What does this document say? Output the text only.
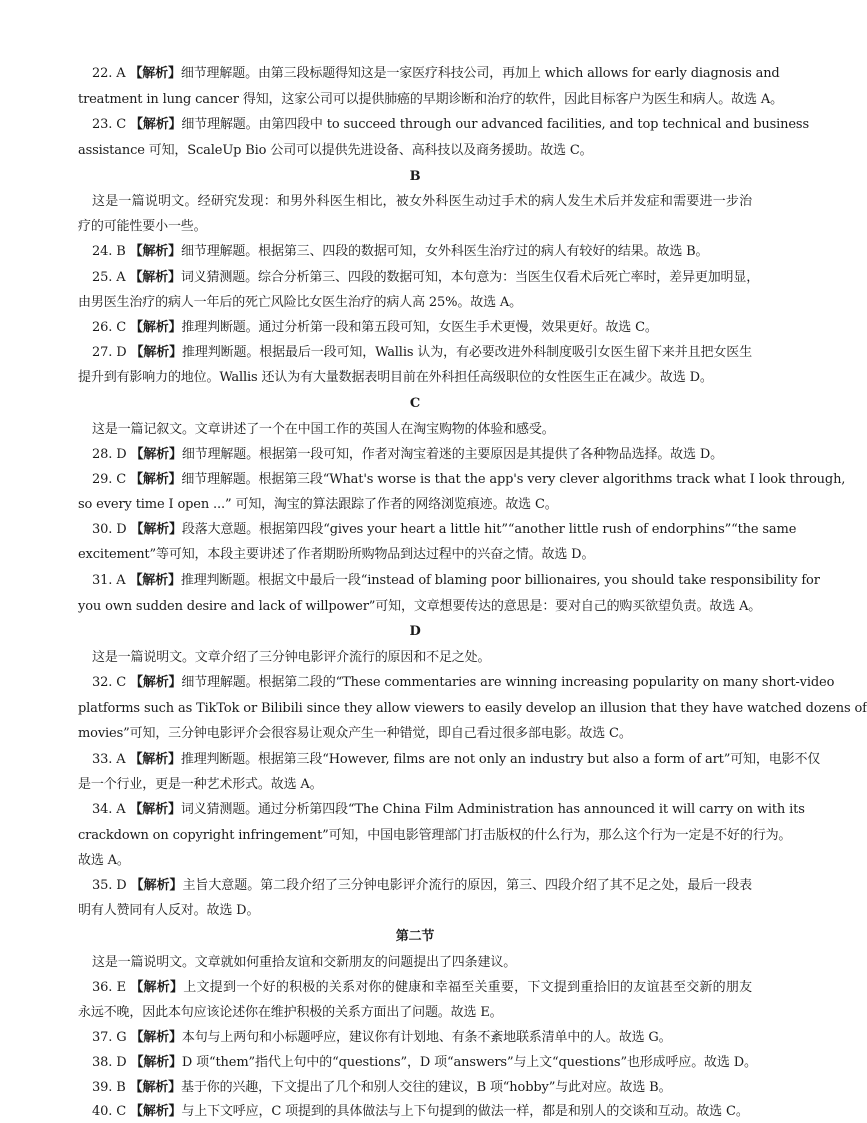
22. A 【解析】细节理解题。由第三段标题得知这是一家医疗科技公司，再加上 which allows for early diagnosis and
treatment in lung cancer 得知，这家公司可以提供肺癌的早期诊断和治疗的软件，因此目标客户为医生和病人。故选 A。
23. C 【解析】细节理解题。由第四段中 to succeed through our advanced facilities, and top technical and business
assistance 可知，ScaleUp Bio 公司可以提供先进设备、高科技以及商务援助。故选 C。
B
这是一篇说明文。经研究发现：和男外科医生相比，被女外科医生动过手术的病人发生术后并发症和需要进一步治
疗的可能性要小一些。
24. B 【解析】细节理解题。根据第三、四段的数据可知，女外科医生治疗过的病人有较好的结果。故选 B。
25. A 【解析】词义猜测题。综合分析第三、四段的数据可知，本句意为：当医生仅看术后死亡率时，差异更加明显，
由男医生治疗的病人一年后的死亡风险比女医生治疗的病人高 25%。故选 A。
26. C 【解析】推理判断题。通过分析第一段和第五段可知，女医生手术更慢，效果更好。故选 C。
27. D 【解析】推理判断题。根据最后一段可知，Wallis 认为，有必要改进外科制度吸引女医生留下来并且把女医生
提升到有影响力的地位。Wallis 还认为有大量数据表明目前在外科担任高级职位的女性医生正在减少。故选 D。
C
这是一篇记叙文。文章讲述了一个在中国工作的英国人在淘宝购物的体验和感受。
28. D 【解析】细节理解题。根据第一段可知，作者对淘宝着迷的主要原因是其提供了各种物品选择。故选 D。
29. C 【解析】细节理解题。根据第三段“What's worse is that the app's very clever algorithms track what I look through,
so every time I open ...” 可知，淘宝的算法跟踪了作者的网络浏览痕迹。故选 C。
30. D 【解析】段落大意题。根据第四段“gives your heart a little hit”“another little rush of endorphins”“the same
excitement”等可知，本段主要讲述了作者期盼所购物品到达过程中的兴奋之情。故选 D。
31. A 【解析】推理判断题。根据文中最后一段“instead of blaming poor billionaires, you should take responsibility for
you own sudden desire and lack of willpower”可知，文章想要传达的意思是：要对自己的购买欲望负责。故选 A。
D
这是一篇说明文。文章介绍了三分钟电影评介流行的原因和不足之处。
32. C 【解析】细节理解题。根据第二段的“These commentaries are winning increasing popularity on many short-video
platforms such as TikTok or Bilibili since they allow viewers to easily develop an illusion that they have watched dozens of
movies”可知，三分钟电影评介会很容易让观众产生一种错觉，即自己看过很多部电影。故选 C。
33. A 【解析】推理判断题。根据第三段“However, films are not only an industry but also a form of art”可知，电影不仅
是一个行业，更是一种艺术形式。故选 A。
34. A 【解析】词义猜测题。通过分析第四段“The China Film Administration has announced it will carry on with its
crackdown on copyright infringement”可知，中国电影管理部门打击版权的什么行为，那么这个行为一定是不好的行为。
故选 A。
35. D 【解析】主旨大意题。第二段介绍了三分钟电影评介流行的原因，第三、四段介绍了其不足之处，最后一段表
明有人赞同有人反对。故选 D。
第二节
这是一篇说明文。文章就如何重拾友谊和交新朋友的问题提出了四条建议。
36. E 【解析】上文提到一个好的积极的关系对你的健康和幸福至关重要，下文提到重拾旧的友谊甚至交新的朋友
永远不晚，因此本句应该论述你在维护积极的关系方面出了问题。故选 E。
37. G 【解析】本句与上两句和小标题呼应，建议你有计划地、有条不紊地联系清单中的人。故选 G。
38. D 【解析】D 项“them”指代上句中的“questions”，D 项“answers”与上文“questions”也形成呼应。故选 D。
39. B 【解析】基于你的兴趣，下文提出了几个和别人交往的建议，B 项“hobby”与此对应。故选 B。
40. C 【解析】与上下文呼应，C 项提到的具体做法与上下句提到的做法一样，都是和别人的交谈和互动。故选 C。
